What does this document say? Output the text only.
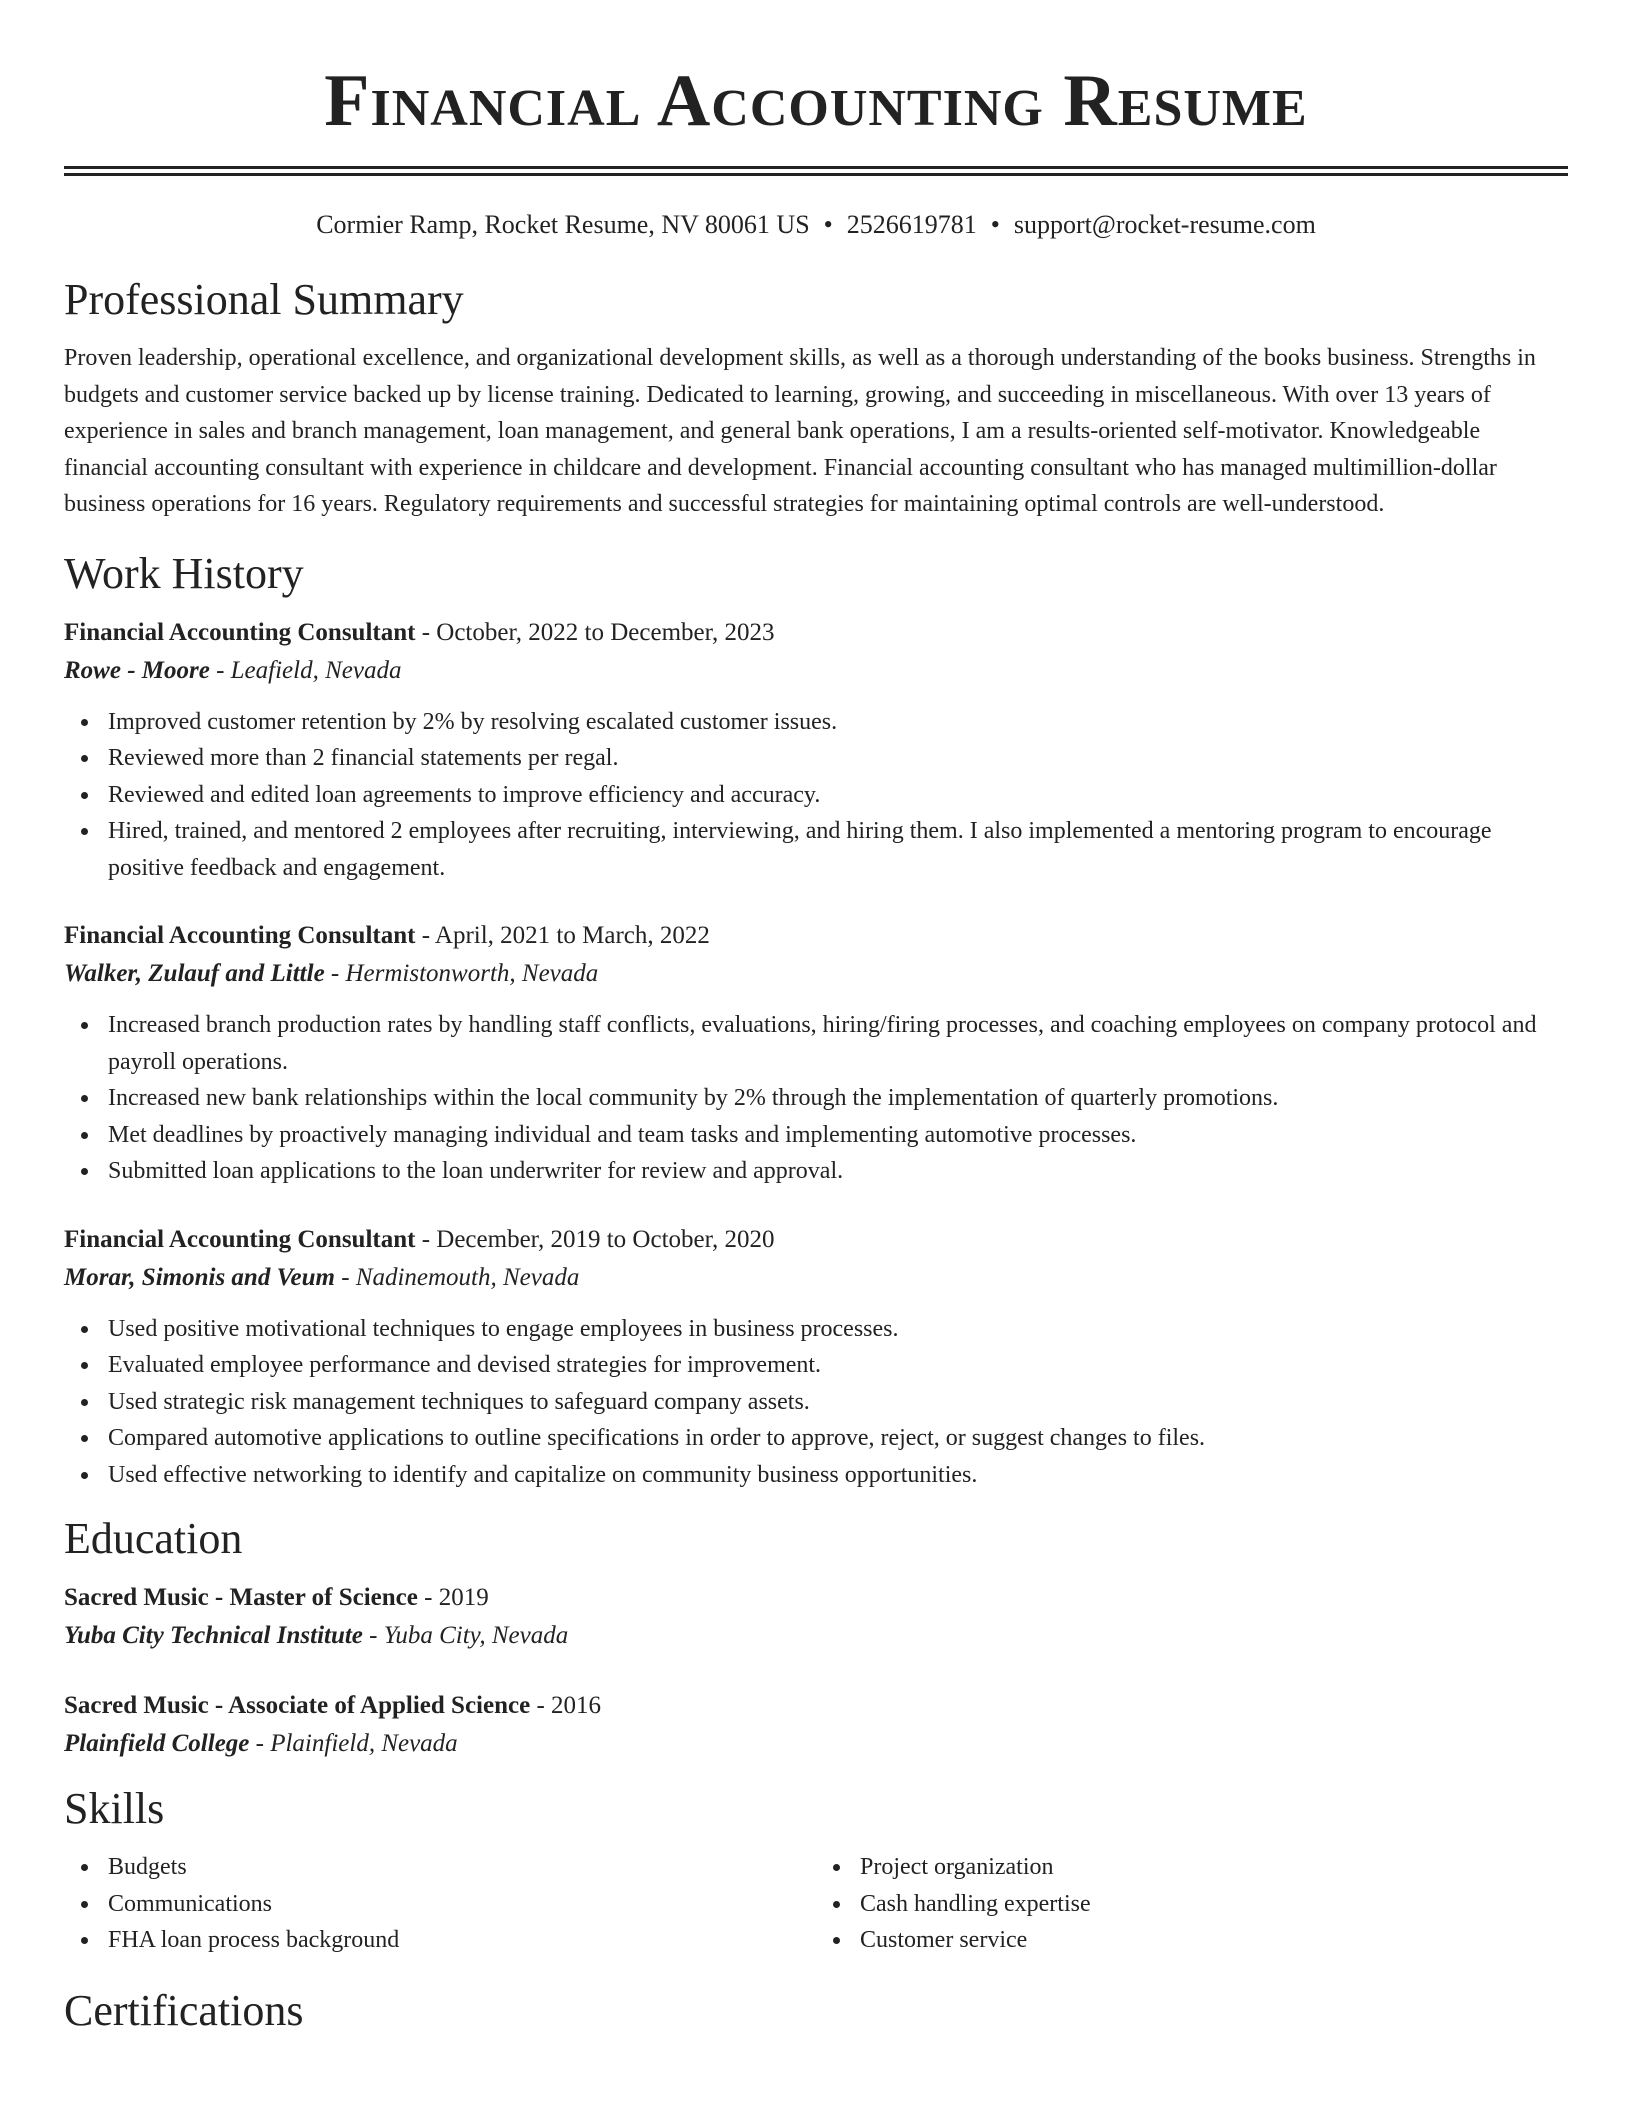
Financial Accounting Resume
Cormier Ramp, Rocket Resume, NV 80061 US • 2526619781 • support@rocket-resume.com
Professional Summary

Proven leadership, operational excellence, and organizational development skills, as well as a thorough understanding of the books business. Strengths in budgets and customer service backed up by license training. Dedicated to learning, growing, and succeeding in miscellaneous. With over 13 years of experience in sales and branch management, loan management, and general bank operations, I am a results-oriented self-motivator. Knowledgeable financial accounting consultant with experience in childcare and development. Financial accounting consultant who has managed multimillion-dollar business operations for 16 years. Regulatory requirements and successful strategies for maintaining optimal controls are well-understood.

Work History
Financial Accounting Consultant - October, 2022 to December, 2023
Rowe - Moore - Leafield, Nevada
Improved customer retention by 2% by resolving escalated customer issues.
Reviewed more than 2 financial statements per regal.
Reviewed and edited loan agreements to improve efficiency and accuracy.
Hired, trained, and mentored 2 employees after recruiting, interviewing, and hiring them. I also implemented a mentoring program to encourage positive feedback and engagement.
Financial Accounting Consultant - April, 2021 to March, 2022
Walker, Zulauf and Little - Hermistonworth, Nevada
Increased branch production rates by handling staff conflicts, evaluations, hiring/firing processes, and coaching employees on company protocol and payroll operations.
Increased new bank relationships within the local community by 2% through the implementation of quarterly promotions.
Met deadlines by proactively managing individual and team tasks and implementing automotive processes.
Submitted loan applications to the loan underwriter for review and approval.
Financial Accounting Consultant - December, 2019 to October, 2020
Morar, Simonis and Veum - Nadinemouth, Nevada
Used positive motivational techniques to engage employees in business processes.
Evaluated employee performance and devised strategies for improvement.
Used strategic risk management techniques to safeguard company assets.
Compared automotive applications to outline specifications in order to approve, reject, or suggest changes to files.
Used effective networking to identify and capitalize on community business opportunities.
Education
Sacred Music - Master of Science - 2019
Yuba City Technical Institute - Yuba City, Nevada
Sacred Music - Associate of Applied Science - 2016
Plainfield College - Plainfield, Nevada
Skills
Budgets
Communications
FHA loan process background
Project organization
Cash handling expertise
Customer service
Certifications
